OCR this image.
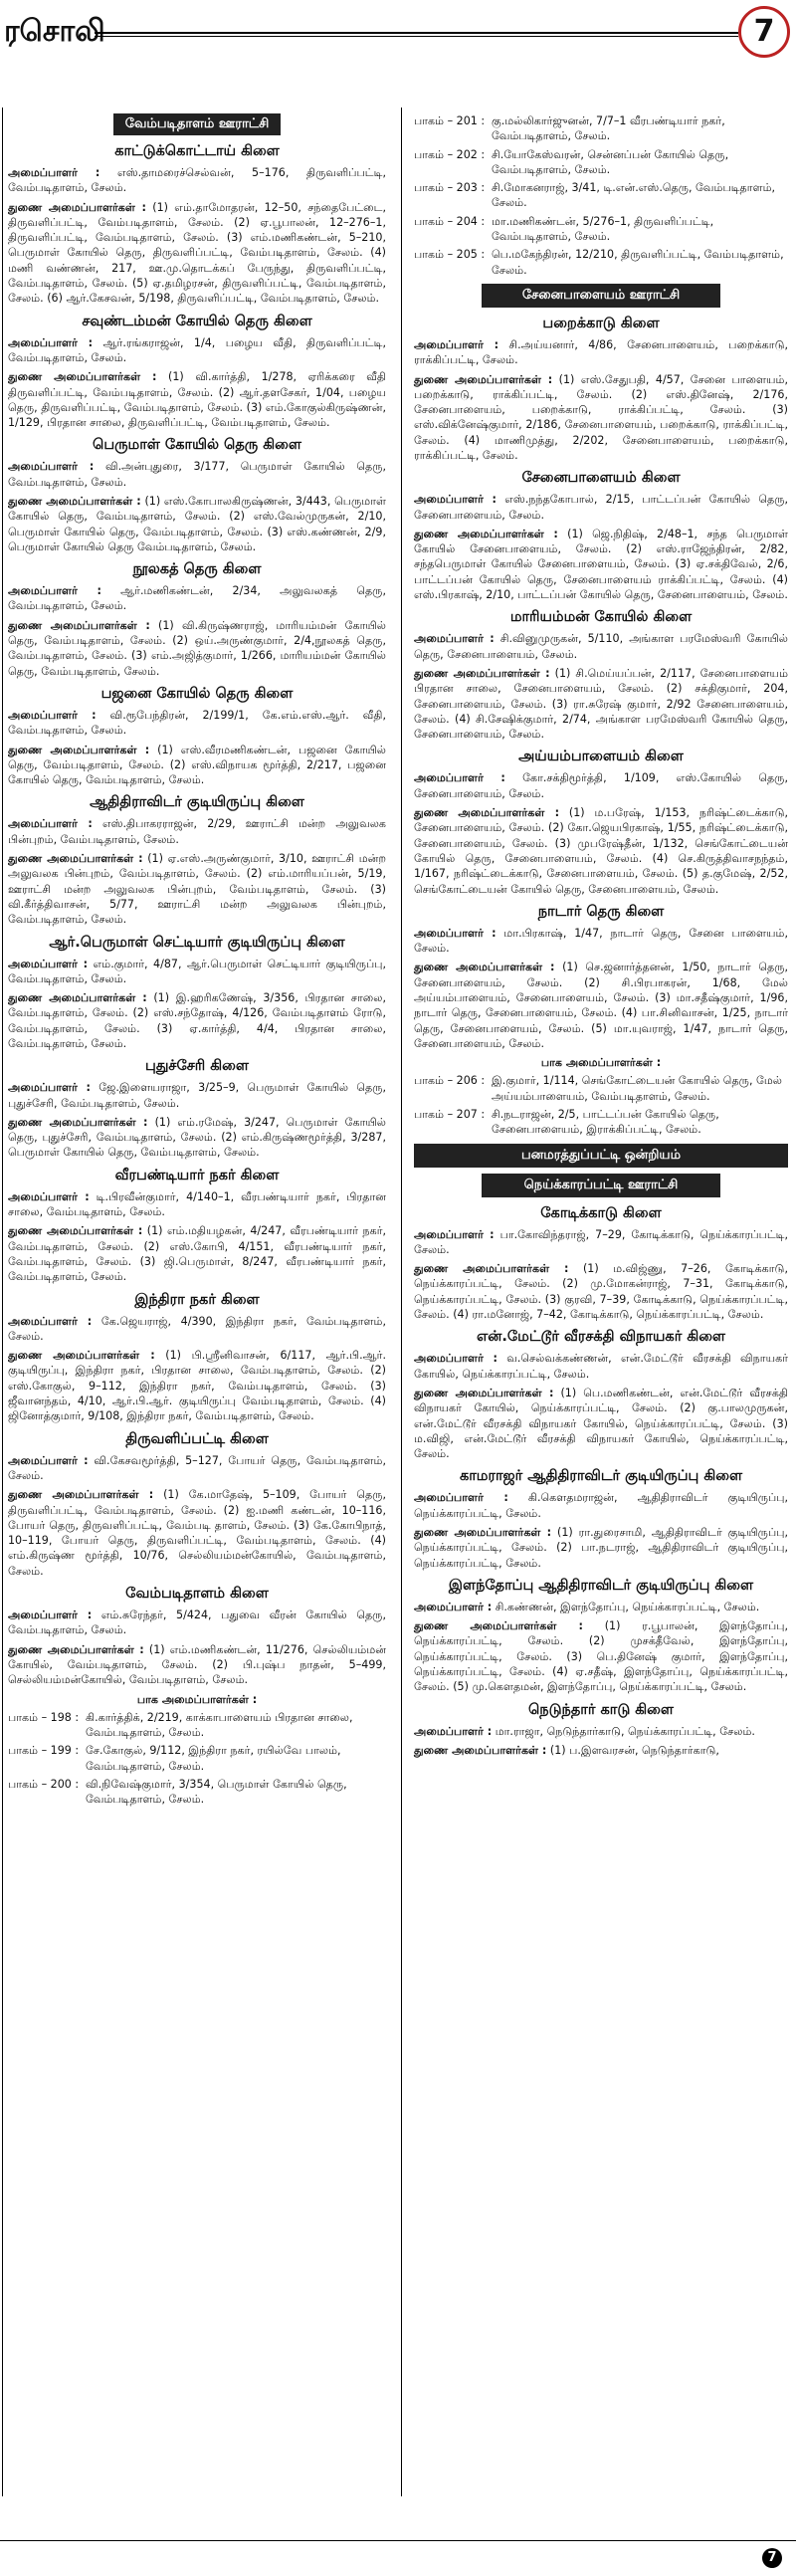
ரசொலி	7
வேம்படிதாளம் ஊராட்சி
காட்டுக்கொட்டாய் கிளை
அமைப்பாளர் : எஸ்.தாமரைச்செல்வன், 5–176, திருவளிப்பட்டி, வேம்படிதாளம், சேலம்.
துணை அமைப்பாளர்கள் : (1) எம்.தாமோதரன், 12–50, சந்தைபேட்டை, திருவளிப்பட்டி, வேம்படிதாளம், சேலம். (2) ஏ.பூபாலன், 12–276–1, திருவளிப்பட்டி, வேம்படிதாளம், சேலம். (3) எம்.மணிகண்டன், 5–210, பெருமாள் கோயில் தெரு, திருவளிப்பட்டி, வேம்படிதாளம், சேலம். (4) மணி வண்ணன், 217, ஊ.மு.தொடக்கப் பேருந்து, திருவளிப்பட்டி, வேம்படிதாளம், சேலம். (5) ஏ.தமிழரசன், திருவளிப்பட்டி, வேம்படிதாளம், சேலம். (6) ஆர்.கேசவன், 5/198, திருவளிப்பட்டி, வேம்படிதாளம், சேலம்.
சவுண்டம்மன் கோயில் தெரு கிளை
அமைப்பாளர் : ஆர்.ரங்கராஜன், 1/4, பழைய வீதி, திருவளிப்பட்டி, வேம்படிதாளம், சேலம்.
துணை அமைப்பாளர்கள் : (1) வி.கார்த்தி, 1/278, ஏரிக்கரை வீதி திருவளிப்பட்டி, வேம்படிதாளம், சேலம். (2) ஆர்.தளசேகர், 1/04, பழைய தெரு, திருவளிப்பட்டி, வேம்படிதாளம், சேலம். (3) எம்.கோகுல்கிருஷ்ணன், 1/129, பிரதான சாலை, திருவளிப்பட்டி, வேம்படிதாளம், சேலம்.
பெருமாள் கோயில் தெரு கிளை
அமைப்பாளர் : வி.அன்புதுரை, 3/177, பெருமாள் கோயில் தெரு, வேம்படிதாளம், சேலம்.
துணை அமைப்பாளர்கள் : (1) எஸ்.கோபாலகிருஷ்ணன், 3/443, பெருமாள் கோயில் தெரு, வேம்படிதாளம், சேலம். (2) எஸ்.வேல்முருகன், 2/10, பெருமாள் கோயில் தெரு, வேம்படிதாளம், சேலம். (3) எஸ்.கண்ணன், 2/9, பெருமாள் கோயில் தெரு வேம்படிதாளம், சேலம்.
நூலகத் தெரு கிளை
அமைப்பாளர் : ஆர்.மணிகண்டன், 2/34, அலுவலகத் தெரு, வேம்படிதாளம், சேலம்.
துணை அமைப்பாளர்கள் : (1) வி.கிருஷ்ணராஜ், மாரியம்மன் கோயில் தெரு, வேம்படிதாளம், சேலம். (2) ஒய்.அருண்குமார், 2/4,நூலகத் தெரு, வேம்படிதாளம், சேலம். (3) எம்.அஜித்குமார், 1/266, மாரியம்மன் கோயில் தெரு, வேம்படிதாளம், சேலம்.
பஜனை கோயில் தெரு கிளை
அமைப்பாளர் : வி.ரூபேந்திரன், 2/199/1, கே.எம்.எஸ்.ஆர். வீதி, வேம்படிதாளம், சேலம்.
துணை அமைப்பாளர்கள் : (1) எஸ்.வீரமணிகண்டன், பஜனை கோயில் தெரு, வேம்படிதாளம், சேலம். (2) எஸ்.விநாயக மூர்த்தி, 2/217, பஜனை கோயில் தெரு, வேம்படிதாளம், சேலம்.
ஆதிதிராவிடர் குடியிருப்பு கிளை
அமைப்பாளர் : எஸ்.திபாகரராஜன், 2/29, ஊராட்சி மன்ற அலுவலக பின்புறம், வேம்படிதாளம், சேலம்.
துணை அமைப்பாளர்கள் : (1) ஏ.எஸ்.அருண்குமார், 3/10, ஊராட்சி மன்ற அலுவலக பின்புறம், வேம்படிதாளம், சேலம். (2) எம்.மாரியப்பன், 5/19, ஊராட்சி மன்ற அலுவலக பின்புறம், வேம்படிதாளம், சேலம். (3) வி.கீர்த்திவாசன், 5/77, ஊராட்சி மன்ற அலுவலக பின்புறம், வேம்படிதாளம், சேலம்.
ஆர்.பெருமாள் செட்டியார் குடியிருப்பு கிளை
அமைப்பாளர் : எம்.குமார், 4/87, ஆர்.பெருமாள் செட்டியார் குடியிருப்பு, வேம்படிதாளம், சேலம்.
துணை அமைப்பாளர்கள் : (1) இ.ஹரிகணேஷ், 3/356, பிரதான சாலை, வேம்படிதாளம், சேலம். (2) எஸ்.சந்தோஷ், 4/126, வேம்படிதாளம் ரோடு, வேம்படிதாளம், சேலம். (3) ஏ.கார்த்தி, 4/4, பிரதான சாலை, வேம்படிதாளம், சேலம்.
புதுச்சேரி கிளை
அமைப்பாளர் : ஜே.இளையராஜா, 3/25–9, பெருமாள் கோயில் தெரு, புதுச்சேரி, வேம்படிதாளம், சேலம்.
துணை அமைப்பாளர்கள் : (1) எம்.ரமேஷ், 3/247, பெருமாள் கோயில் தெரு, புதுச்சேரி, வேம்படிதாளம், சேலம். (2) எம்.கிருஷ்ணமூர்த்தி, 3/287, பெருமாள் கோயில் தெரு, வேம்படிதாளம், சேலம்.
வீரபண்டியார் நகர் கிளை
அமைப்பாளர் : டி.பிரவீன்குமார், 4/140–1, வீரபண்டியார் நகர், பிரதான சாலை, வேம்படிதாளம், சேலம்.
துணை அமைப்பாளர்கள் : (1) எம்.மதியழகன், 4/247, வீரபண்டியார் நகர், வேம்படிதாளம், சேலம். (2) எஸ்.கோபி, 4/151, வீரபண்டியார் நகர், வேம்படிதாளம், சேலம். (3) ஜி.பெருமாள், 8/247, வீரபண்டியார் நகர், வேம்படிதாளம், சேலம்.
இந்திரா நகர் கிளை
அமைப்பாளர் : கே.ஜெயராஜ், 4/390, இந்திரா நகர், வேம்படிதாளம், சேலம்.
துணை அமைப்பாளர்கள் : (1) பி.ஸ்ரீனிவாசன், 6/117, ஆர்.பி.ஆர். குடியிருப்பு, இந்திரா நகர், பிரதான சாலை, வேம்படிதாளம், சேலம். (2) எஸ்.கோகுல், 9–112, இந்திரா நகர், வேம்படிதாளம், சேலம். (3) ஜீவானந்தம், 4/10, ஆர்.பி.ஆர். குடியிருப்பு வேம்படிதாளம், சேலம். (4) ஜினோத்குமார், 9/108, இந்திரா நகர், வேம்படிதாளம், சேலம்.
திருவளிப்பட்டி கிளை
அமைப்பாளர் : வி.கேசவமூர்த்தி, 5–127, போயர் தெரு, வேம்படிதாளம், சேலம்.
துணை அமைப்பாளர்கள் : (1) கே.மாதேஷ், 5–109, போயர் தெரு, திருவளிப்பட்டி, வேம்படிதாளம், சேலம். (2) ஐ.மணி கண்டன், 10–116, போயர் தெரு, திருவளிப்பட்டி, வேம்படி தாளம், சேலம். (3) கே.கோபிநாத், 10–119, போயர் தெரு, திருவளிப்பட்டி, வேம்படிதாளம், சேலம். (4) எம்.கிருஷ்ண மூர்த்தி, 10/76, செல்லியம்மன்கோயில், வேம்படிதாளம், சேலம்.
வேம்படிதாளம் கிளை
அமைப்பாளர் : எம்.சுரேந்தர், 5/424, பதுவை வீரன் கோயில் தெரு, வேம்படிதாளம், சேலம்.
துணை அமைப்பாளர்கள் : (1) எம்.மணிகண்டன், 11/276, செல்லியம்மன் கோயில், வேம்படிதாளம், சேலம். (2) பி.புஷ்ப நாதன், 5–499, செல்லியம்மன்கோயில், வேம்படிதாளம், சேலம்.
பாக அமைப்பாளர்கள் :
பாகம் – 198 : கி.கார்த்திக், 2/219, காக்காபாளையம் பிரதான சாலை, வேம்படிதாளம், சேலம்.
பாகம் – 199 : சே.கோகுல், 9/112, இந்திரா நகர், ரயில்வே பாலம், வேம்படிதாளம், சேலம்.
பாகம் – 200 : வி.நிவேஷ்குமார், 3/354, பெருமாள் கோயில் தெரு, வேம்படிதாளம், சேலம்.
பாகம் – 201 : கு.மல்லிகார்ஜுனன், 7/7–1 வீரபண்டியார் நகர், வேம்படிதாளம், சேலம்.
பாகம் – 202 : சி.யோகேஸ்வரன், சென்னப்பன் கோயில் தெரு, வேம்படிதாளம், சேலம்.
பாகம் – 203 : சி.மோகனராஜ், 3/41, டி.என்.எஸ்.தெரு, வேம்படிதாளம், சேலம்.
பாகம் – 204 : மா.மணிகண்டன், 5/276–1, திருவளிப்பட்டி, வேம்படிதாளம், சேலம்.
பாகம் – 205 : பெ.மகேந்திரன், 12/210, திருவளிப்பட்டி, வேம்படிதாளம், சேலம்.
சேனைபாளையம் ஊராட்சி
பறைக்காடு கிளை
அமைப்பாளர் : சி.அய்யனார், 4/86, சேனைபாளையம், பறைக்காடு, ராக்கிப்பட்டி, சேலம்.
துணை அமைப்பாளர்கள் : (1) எஸ்.சேதுபதி, 4/57, சேனை பாளையம், பறைக்காடு, ராக்கிப்பட்டி, சேலம். (2) எஸ்.தினேஷ், 2/176, சேனைபாளையம், பறைக்காடு, ராக்கிப்பட்டி, சேலம். (3) எஸ்.விக்னேஷ்குமார், 2/186, சேனைபாளையம், பறைக்காடு, ராக்கிப்பட்டி, சேலம். (4) மாணிமுத்து, 2/202, சேனைபாளையம், பறைக்காடு, ராக்கிப்பட்டி, சேலம்.
சேனைபாளையம் கிளை
அமைப்பாளர் : எஸ்.நந்தகோபால், 2/15, பாட்டப்பன் கோயில் தெரு, சேனைபாளையம், சேலம்.
துணை அமைப்பாளர்கள் : (1) ஜெ.நிதிஷ், 2/48–1, சந்த பெருமாள் கோயில் சேனைபாளையம், சேலம். (2) எஸ்.ராஜேந்திரன், 2/82, சந்தபெருமாள் கோயில் சேனைபாளையம், சேலம். (3) ஏ.சக்திவேல், 2/6, பாட்டப்பன் கோயில் தெரு, சேனைபாளையம் ராக்கிப்பட்டி, சேலம். (4) எஸ்.பிரகாஷ், 2/10, பாட்டப்பன் கோயில் தெரு, சேனைபாளையம், சேலம்.
மாரியம்மன் கோயில் கிளை
அமைப்பாளர் : சி.வினுமுருகன், 5/110, அங்காள பரமேஸ்வரி கோயில் தெரு, சேனைபாளையம், சேலம்.
துணை அமைப்பாளர்கள் : (1) சி.மெய்யப்பன், 2/117, சேனைபாளையம் பிரதான சாலை, சேனைபாளையம், சேலம். (2) சக்திகுமார், 204, சேனைபாளையம், சேலம். (3) ரா.சுரேஷ் குமார், 2/92 சேனைபாளையம், சேலம். (4) சி.சேஷிக்குமார், 2/74, அங்காள பரமேஸ்வரி கோயில் தெரு, சேனைபாளையம், சேலம்.
அய்யம்பாளையம் கிளை
அமைப்பாளர் : கோ.சக்திமூர்த்தி, 1/109, எஸ்.கோயில் தெரு, சேனைபாளையம், சேலம்.
துணை அமைப்பாளர்கள் : (1) ம.பரேஷ், 1/153, நரிஷ்ட்டைக்காடு, சேனைபாளையம், சேலம். (2) கோ.ஜெயபிரகாஷ், 1/55, நரிஷ்ட்டைக்காடு, சேனைபாளையம், சேலம். (3) முபரேஷ்தீன், 1/132, செங்கோட்டையன் கோயில் தெரு, சேனைபாளையம், சேலம். (4) செ.கிருத்திவாசநந்தம், 1/167, நரிஷ்ட்டைக்காடு, சேனைபாளையம், சேலம். (5) த.குமேஷ், 2/52, செங்கோட்டையன் கோயில் தெரு, சேனைபாளையம், சேலம்.
நாடார் தெரு கிளை
அமைப்பாளர் : மா.பிரகாஷ், 1/47, நாடார் தெரு, சேனை பாளையம், சேலம்.
துணை அமைப்பாளர்கள் : (1) செ.ஜனார்த்தனன், 1/50, நாடார் தெரு, சேனைபாளையம், சேலம். (2) சி.பிரபாகரன், 1/68, மேல் அய்யம்பாளையம், சேனைபாளையம், சேலம். (3) மா.சதீஷ்குமார், 1/96, நாடார் தெரு, சேனைபாளையம், சேலம். (4) பா.சினிவாசன், 1/25, நாடார் தெரு, சேனைபாளையம், சேலம். (5) மா.யுவராஜ், 1/47, நாடார் தெரு, சேனைபாளையம், சேலம்.
பாக அமைப்பாளர்கள் :
பாகம் – 206 : இ.குமார், 1/114, செங்கோட்டையன் கோயில் தெரு, மேல் அய்யம்பாளையம், வேம்படிதாளம், சேலம்.
பாகம் – 207 : சி.நடராஜன், 2/5, பாட்டப்பன் கோயில் தெரு, சேனைபாளையம், இராக்கிப்பட்டி, சேலம்.
பனமரத்துப்பட்டி ஒன்றியம்
நெய்க்காரப்பட்டி ஊராட்சி
கோடிக்காடு கிளை
அமைப்பாளர் : பா.கோவிந்தராஜ், 7–29, கோடிக்காடு, நெய்க்காரப்பட்டி, சேலம்.
துணை அமைப்பாளர்கள் : (1) ம.விஜ்ணு, 7–26, கோடிக்காடு, நெய்க்காரப்பட்டி, சேலம். (2) மு.மோகன்ராஜ், 7–31, கோடிக்காடு, நெய்க்காரப்பட்டி, சேலம். (3) குரவி, 7–39, கோடிக்காடு, நெய்க்காரப்பட்டி, சேலம். (4) ரா.மனோஜ், 7–42, கோடிக்காடு, நெய்க்காரப்பட்டி, சேலம்.
என்.மேட்டூர் வீரசக்தி விநாயகர் கிளை
அமைப்பாளர் : வ.செல்வக்கண்ணன், என்.மேட்டூர் வீரசக்தி விநாயகர் கோயில், நெய்க்காரப்பட்டி, சேலம்.
துணை அமைப்பாளர்கள் : (1) பெ.மணிகண்டன், என்.மேட்டூர் வீரசக்தி விநாயகர் கோயில், நெய்க்காரப்பட்டி, சேலம். (2) கு.பாலமுருகன், என்.மேட்டூர் வீரசக்தி விநாயகர் கோயில், நெய்க்காரப்பட்டி, சேலம். (3) ம.விஜி, என்.மேட்டூர் வீரசக்தி விநாயகர் கோயில், நெய்க்காரப்பட்டி, சேலம்.
காமராஜர் ஆதிதிராவிடர் குடியிருப்பு கிளை
அமைப்பாளர் : கி.கௌதமராஜன், ஆதிதிராவிடர் குடியிருப்பு, நெய்க்காரப்பட்டி, சேலம்.
துணை அமைப்பாளர்கள் : (1) ரா.துரைசாமி, ஆதிதிராவிடர் குடியிருப்பு, நெய்க்காரப்பட்டி, சேலம். (2) பா.நடராஜ், ஆதிதிராவிடர் குடியிருப்பு, நெய்க்காரப்பட்டி, சேலம்.
இளந்தோப்பு ஆதிதிராவிடர் குடியிருப்பு கிளை
அமைப்பாளர் : சி.கண்ணன், இளந்தோப்பு, நெய்க்காரப்பட்டி, சேலம்.
துணை அமைப்பாளர்கள் : (1) ர.பூபாலன், இளந்தோப்பு, நெய்க்காரப்பட்டி, சேலம். (2) முசக்தீவேல், இளந்தோப்பு, நெய்க்காரப்பட்டி, சேலம். (3) பெ.தினேஷ் குமார், இளந்தோப்பு, நெய்க்காரப்பட்டி, சேலம். (4) ஏ.சதீஷ், இளந்தோப்பு, நெய்க்காரப்பட்டி, சேலம். (5) மு.கௌதமன், இளந்தோப்பு, நெய்க்காரப்பட்டி, சேலம்.
நெடுந்தார் காடு கிளை
அமைப்பாளர் : மா.ராஜா, நெடுந்தார்காடு, நெய்க்காரப்பட்டி, சேலம்.
துணை அமைப்பாளர்கள் : (1) ப.இளவரசன், நெடுந்தார்காடு,
7
